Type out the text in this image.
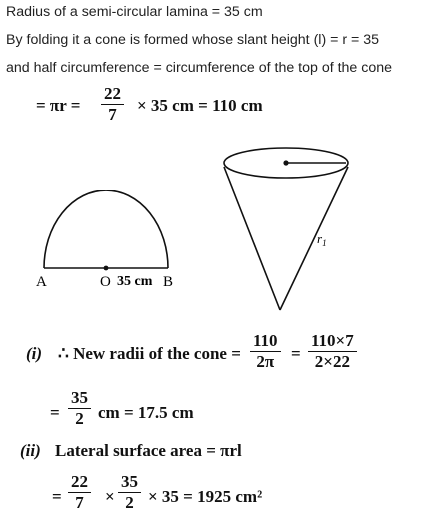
Radius of a semi-circular lamina = 35 cm
By folding it a cone is formed whose slant height (l) = r = 35
and half circumference = circumference of the top of the cone
= πr =
22
7 × 35 cm = 110 cm
A	O 35 cm B
$r_1$
(i) ∴ New radii of the cone =
110
2π =
110×7
2×22
=
35
2 cm = 17.5 cm
(ii) Lateral surface area = πrl
=
22
7 ×
35
2 × 35 = 1925 cm²
